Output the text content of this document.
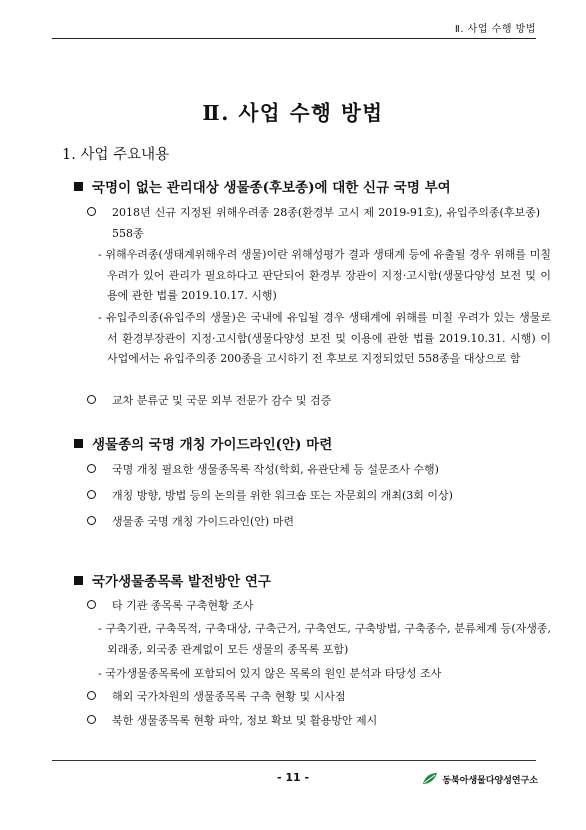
Ⅱ. 사업 수행 방법
Ⅱ. 사업 수행 방법
1. 사업 주요내용
국명이 없는 관리대상 생물종(후보종)에 대한 신규 국명 부여
2018년 신규 지정된 위해우려종 28종(환경부 고시 제 2019-91호), 유입주의종(후보종) 558종
- 위해우려종(생태계위해우려 생물)이란 위해성평가 결과 생태계 등에 유출될 경우 위해를 미칠 우려가 있어 관리가 필요하다고 판단되어 환경부 장관이 지정·고시함(생물다양성 보전 및 이용에 관한 법률 2019.10.17. 시행)
- 유입주의종(유입주의 생물)은 국내에 유입될 경우 생태계에 위해를 미칠 우려가 있는 생물로서 환경부장관이 지정·고시함(생물다양성 보전 및 이용에 관한 법률 2019.10.31. 시행) 이 사업에서는 유입주의종 200종을 고시하기 전 후보로 지정되었던 558종을 대상으로 함
교차 분류군 및 국문 외부 전문가 감수 및 검증
생물종의 국명 개칭 가이드라인(안) 마련
국명 개칭 필요한 생물종목록 작성(학회, 유관단체 등 설문조사 수행)
개칭 방향, 방법 등의 논의를 위한 워크숍 또는 자문회의 개최(3회 이상)
생물종 국명 개칭 가이드라인(안) 마련
국가생물종목록 발전방안 연구
타 기관 종목록 구축현황 조사
- 구축기관, 구축목적, 구축대상, 구축근거, 구축연도, 구축방법, 구축종수, 분류체계 등(자생종, 외래종, 외국종 관계없이 모든 생물의 종목록 포함)
- 국가생물종목록에 포함되어 있지 않은 목록의 원인 분석과 타당성 조사
해외 국가차원의 생물종목록 구축 현황 및 시사점
북한 생물종목록 현황 파악, 정보 확보 및 활용방안 제시
- 11 -	동북아생물다양성연구소
